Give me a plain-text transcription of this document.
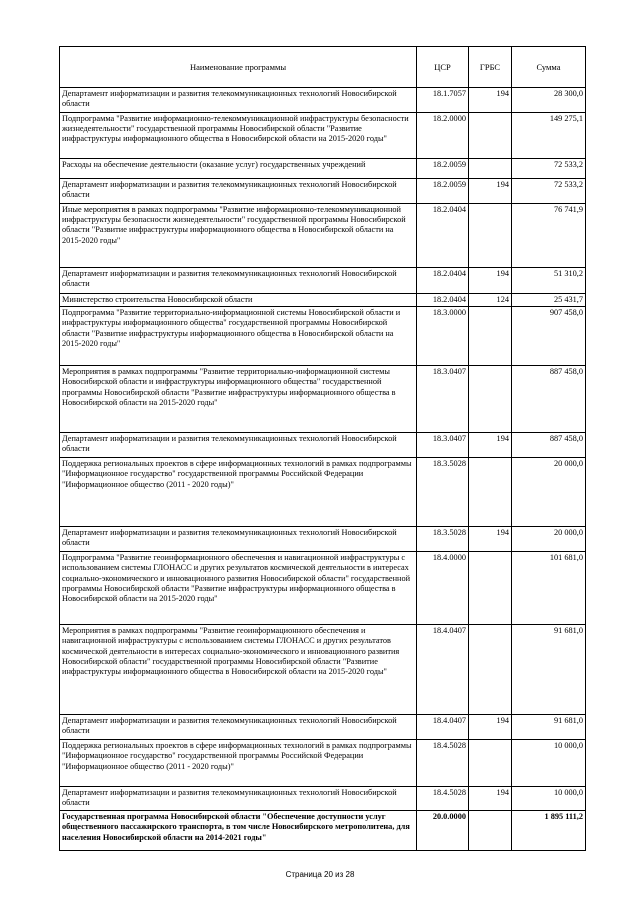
Наименование программы	ЦСР	ГРБС	Сумма
Департамент информатизации и развития телекоммуникационных технологий Новосибирской области	18.1.7057	194	28 300,0
Подпрограмма "Развитие информационно-телекоммуникационной инфраструктуры безопасности жизнедеятельности" государственной программы Новосибирской области "Развитие инфраструктуры информационного общества в Новосибирской области на 2015-2020 годы"	18.2.0000		149 275,1
Расходы на обеспечение деятельности (оказание услуг) государственных учреждений	18.2.0059		72 533,2
Департамент информатизации и развития телекоммуникационных технологий Новосибирской области	18.2.0059	194	72 533,2
Иные мероприятия в рамках подпрограммы "Развитие информационно-телекоммуникационной инфраструктуры безопасности жизнедеятельности" государственной программы Новосибирской области "Развитие инфраструктуры информационного общества в Новосибирской области на 2015-2020 годы"	18.2.0404		76 741,9
Департамент информатизации и развития телекоммуникационных технологий Новосибирской области	18.2.0404	194	51 310,2
Министерство строительства Новосибирской области	18.2.0404	124	25 431,7
Подпрограмма "Развитие территориально-информационной системы Новосибирской области и инфраструктуры информационного общества" государственной программы Новосибирской области "Развитие инфраструктуры информационного общества в Новосибирской области на 2015-2020 годы"	18.3.0000		907 458,0
Мероприятия в рамках подпрограммы "Развитие территориально-информационной системы Новосибирской области и инфраструктуры информационного общества" государственной программы Новосибирской области "Развитие инфраструктуры информационного общества в Новосибирской области на 2015-2020 годы"	18.3.0407		887 458,0
Департамент информатизации и развития телекоммуникационных технологий Новосибирской области	18.3.0407	194	887 458,0
Поддержка региональных проектов в сфере информационных технологий в рамках подпрограммы "Информационное государство" государственной программы Российской Федерации "Информационное общество (2011 - 2020 годы)"	18.3.5028		20 000,0
Департамент информатизации и развития телекоммуникационных технологий Новосибирской области	18.3.5028	194	20 000,0
Подпрограмма "Развитие геоинформационного обеспечения и навигационной инфраструктуры с использованием системы ГЛОНАСС и других результатов космической деятельности в интересах социально-экономического и инновационного развития Новосибирской области" государственной программы Новосибирской области "Развитие инфраструктуры информационного общества в Новосибирской области на 2015-2020 годы"	18.4.0000		101 681,0
Мероприятия в рамках подпрограммы "Развитие геоинформационного обеспечения и навигационной инфраструктуры с использованием системы ГЛОНАСС и других результатов космической деятельности в интересах социально-экономического и инновационного развития Новосибирской области" государственной программы Новосибирской области "Развитие инфраструктуры информационного общества в Новосибирской области на 2015-2020 годы"	18.4.0407		91 681,0
Департамент информатизации и развития телекоммуникационных технологий Новосибирской области	18.4.0407	194	91 681,0
Поддержка региональных проектов в сфере информационных технологий в рамках подпрограммы "Информационное государство" государственной программы Российской Федерации "Информационное общество (2011 - 2020 годы)"	18.4.5028		10 000,0
Департамент информатизации и развития телекоммуникационных технологий Новосибирской области	18.4.5028	194	10 000,0
Государственная программа Новосибирской области "Обеспечение доступности услуг общественного пассажирского транспорта, в том числе Новосибирского метрополитена, для населения Новосибирской области на 2014-2021 годы"	20.0.0000		1 895 111,2
Страница 20 из 28
